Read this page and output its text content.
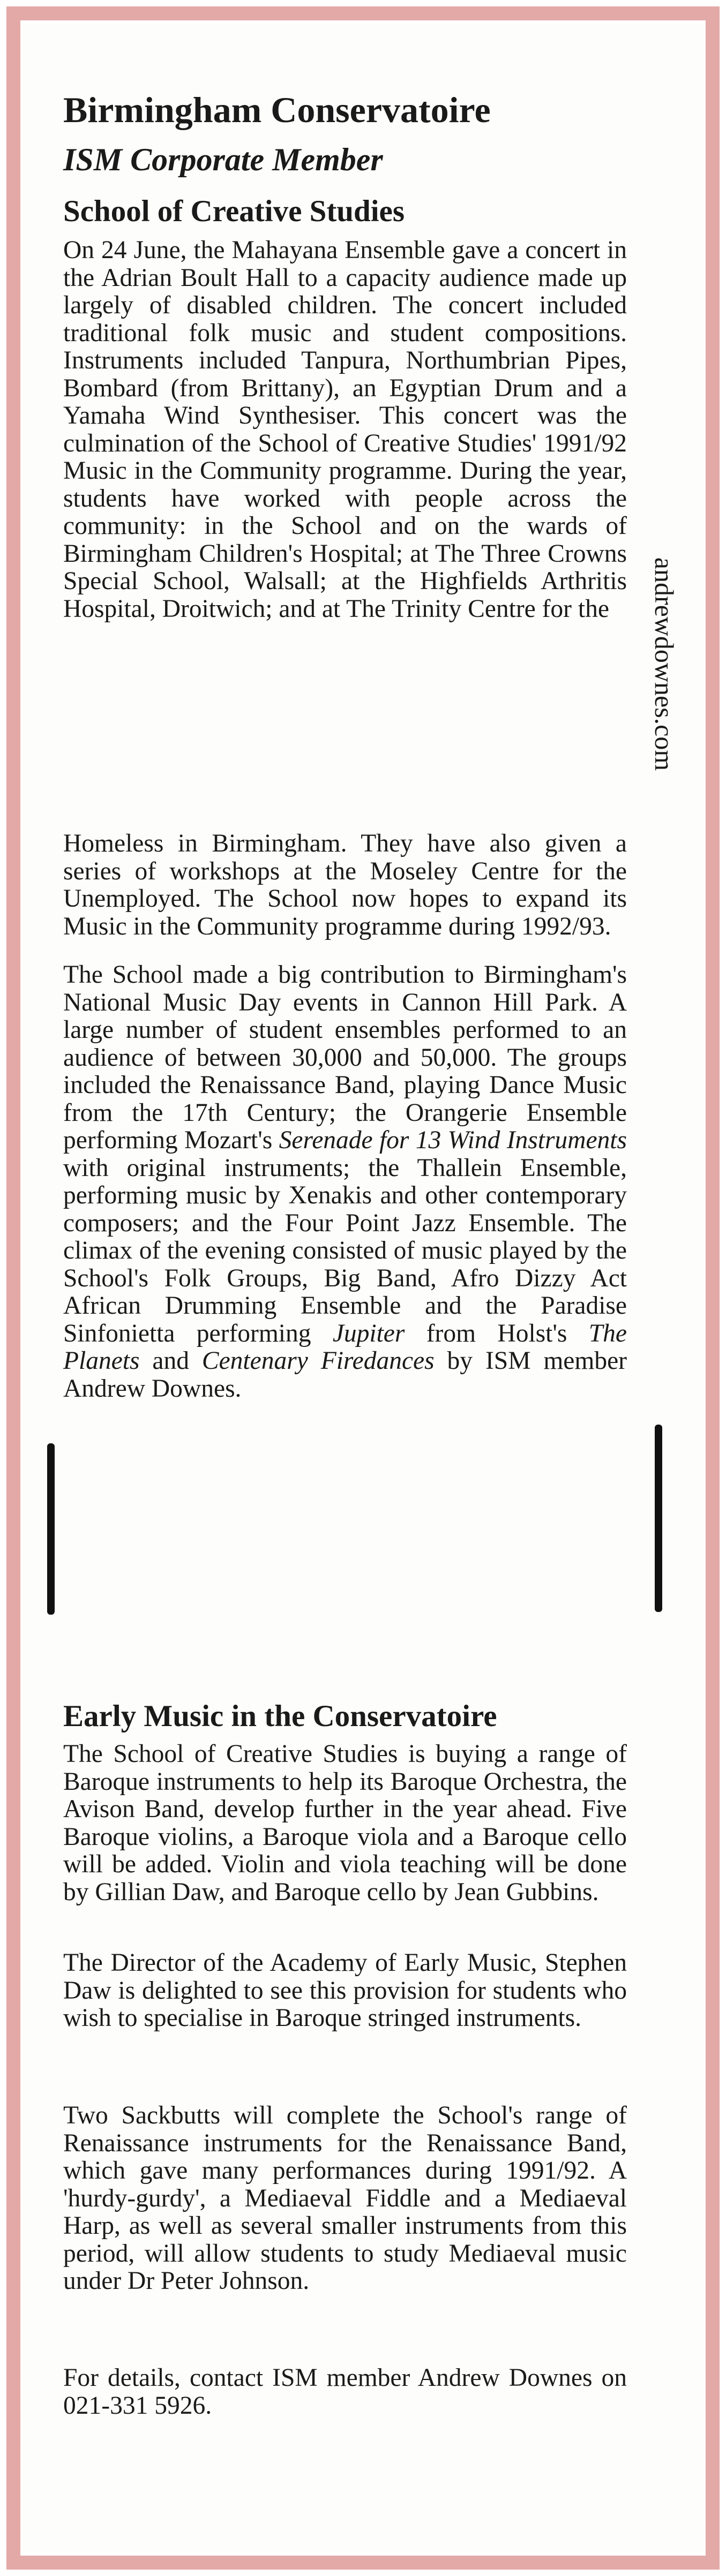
Birmingham Conservatoire
ISM Corporate Member
School of Creative Studies

On 24 June, the Mahayana Ensemble gave a concert in the Adrian Boult Hall to a capacity audience made up largely of disabled children. The concert included traditional folk music and student compositions. Instruments included Tanpura, Northumbrian Pipes, Bombard (from Brittany), an Egyptian Drum and a Yamaha Wind Synthesiser. This concert was the culmination of the School of Creative Studies' 1991/92 Music in the Community programme. During the year, students have worked with people across the community: in the School and on the wards of Birmingham Children's Hospital; at The Three Crowns Special School, Walsall; at the Highfields Arthritis Hospital, Droitwich; and at The Trinity Centre for the

Homeless in Birmingham. They have also given a series of workshops at the Moseley Centre for the Unemployed. The School now hopes to expand its Music in the Community programme during 1992/93.

The School made a big contribution to Birmingham's National Music Day events in Cannon Hill Park. A large number of student ensembles performed to an audience of between 30,000 and 50,000. The groups included the Renaissance Band, playing Dance Music from the 17th Century; the Orangerie Ensemble performing Mozart's Serenade for 13 Wind Instruments with original instruments; the Thallein Ensemble, performing music by Xenakis and other contemporary composers; and the Four Point Jazz Ensemble. The climax of the evening consisted of music played by the School's Folk Groups, Big Band, Afro Dizzy Act African Drumming Ensemble and the Paradise Sinfonietta performing Jupiter from Holst's The Planets and Centenary Firedances by ISM member Andrew Downes.

Early Music in the Conservatoire

The School of Creative Studies is buying a range of Baroque instruments to help its Baroque Orchestra, the Avison Band, develop further in the year ahead. Five Baroque violins, a Baroque viola and a Baroque cello will be added. Violin and viola teaching will be done by Gillian Daw, and Baroque cello by Jean Gubbins.

The Director of the Academy of Early Music, Stephen Daw is delighted to see this provision for students who wish to specialise in Baroque stringed instruments.

Two Sackbutts will complete the School's range of Renaissance instruments for the Renaissance Band, which gave many performances during 1991/92. A 'hurdy-gurdy', a Mediaeval Fiddle and a Mediaeval Harp, as well as several smaller instruments from this period, will allow students to study Mediaeval music under Dr Peter Johnson.

For details, contact ISM member Andrew Downes on 021-331 5926.

andrewdownes.com
